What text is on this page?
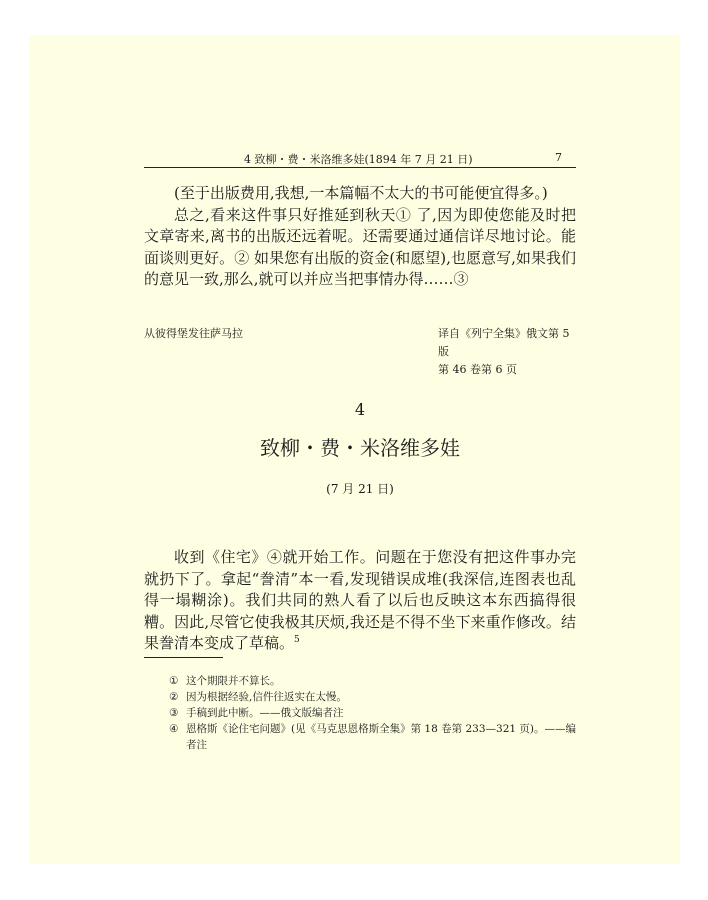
4 致柳・费・米洛维多娃(1894 年 7 月 21 日)	7

(至于出版费用,我想,一本篇幅不太大的书可能便宜得多。)

总之,看来这件事只好推延到秋天① 了,因为即使您能及时把文章寄来,离书的出版还远着呢。还需要通过通信详尽地讨论。能面谈则更好。② 如果您有出版的资金(和愿望),也愿意写,如果我们的意见一致,那么,就可以并应当把事情办得……③

从彼得堡发往萨马拉	译自《列宁全集》俄文第 5 版
第 46 卷第 6 页
4
致柳・费・米洛维多娃
(7 月 21 日)

收到《住宅》④就开始工作。问题在于您没有把这件事办完就扔下了。拿起“誊清”本一看,发现错误成堆(我深信,连图表也乱得一塌糊涂)。我们共同的熟人看了以后也反映这本东西搞得很糟。因此,尽管它使我极其厌烦,我还是不得不坐下来重作修改。结果誊清本变成了草稿。$^5$

① 这个期限并不算长。
② 因为根据经验,信件往返实在太慢。
③ 手稿到此中断。——俄文版编者注
④ 恩格斯《论住宅问题》(见《马克思恩格斯全集》第 18 卷第 233—321 页)。——编者注
